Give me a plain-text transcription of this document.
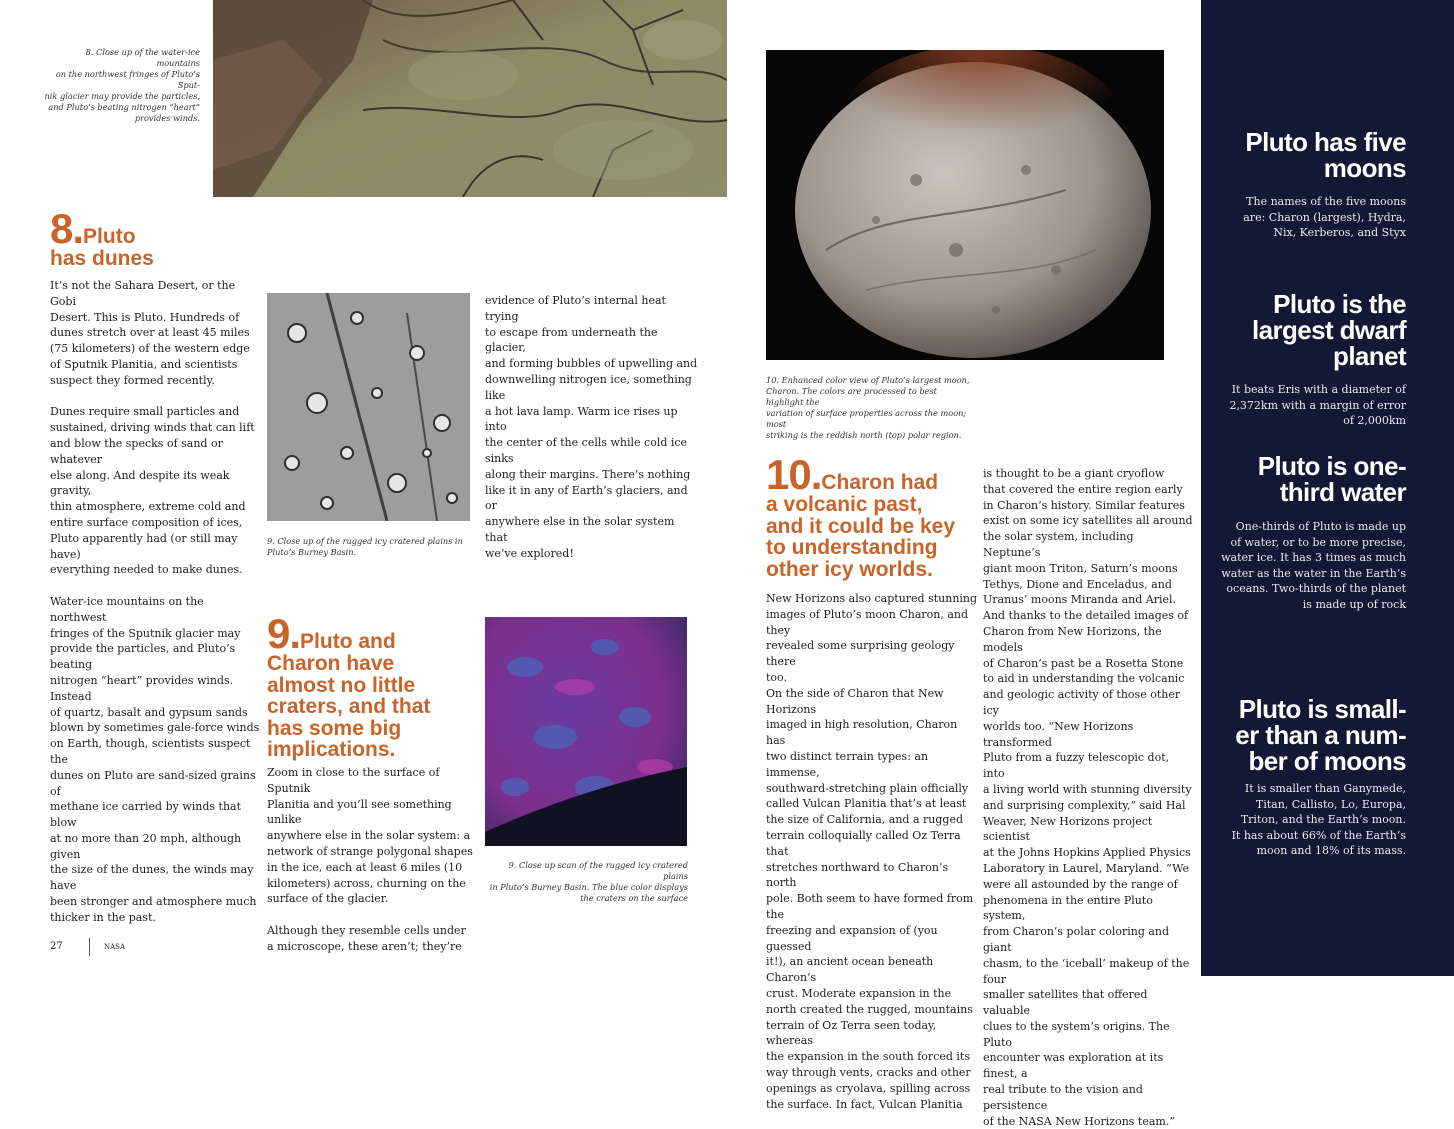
8. Close up of the water-ice mountains
on the northwest fringes of Pluto’s Sput-
nik glacier may provide the particles,
and Pluto’s beating nitrogen “heart”
provides winds.

8.Pluto
has dunes

It’s not the Sahara Desert, or the Gobi
Desert. This is Pluto. Hundreds of
dunes stretch over at least 45 miles
(75 kilometers) of the western edge
of Sputnik Planitia, and scientists
suspect they formed recently.

Dunes require small particles and
sustained, driving winds that can lift
and blow the specks of sand or whatever
else along. And despite its weak gravity,
thin atmosphere, extreme cold and
entire surface composition of ices,
Pluto apparently had (or still may have)
everything needed to make dunes.

Water-ice mountains on the northwest
fringes of the Sputnik glacier may
provide the particles, and Pluto’s beating
nitrogen “heart” provides winds. Instead
of quartz, basalt and gypsum sands
blown by sometimes gale-force winds
on Earth, though, scientists suspect the
dunes on Pluto are sand-sized grains of
methane ice carried by winds that blow
at no more than 20 mph, although given
the size of the dunes, the winds may have
been stronger and atmosphere much
thicker in the past.

9. Close up of the rugged icy cratered plains in
Pluto’s Burney Basin.

evidence of Pluto’s internal heat trying
to escape from underneath the glacier,
and forming bubbles of upwelling and
downwelling nitrogen ice, something like
a hot lava lamp. Warm ice rises up into
the center of the cells while cold ice sinks
along their margins. There’s nothing
like it in any of Earth’s glaciers, and or
anywhere else in the solar system that
we’ve explored!

9.Pluto and
Charon have
almost no little
craters, and that
has some big
implications.

Zoom in close to the surface of Sputnik
Planitia and you’ll see something unlike
anywhere else in the solar system: a
network of strange polygonal shapes
in the ice, each at least 6 miles (10
kilometers) across, churning on the
surface of the glacier.

Although they resemble cells under
a microscope, these aren’t; they’re

9. Close up scan of the rugged icy cratered plains
in Pluto’s Burney Basin. The blue color displays
the craters on the surface

10. Enhanced color view of Pluto’s largest moon,
Charon. The colors are processed to best highlight the
variation of surface properties across the moon; most
striking is the reddish north (top) polar region.

10.Charon had
a volcanic past,
and it could be key
to understanding
other icy worlds.

New Horizons also captured stunning
images of Pluto’s moon Charon, and they
revealed some surprising geology there
too.
On the side of Charon that New Horizons
imaged in high resolution, Charon has
two distinct terrain types: an immense,
southward-stretching plain officially
called Vulcan Planitia that’s at least
the size of California, and a rugged
terrain colloquially called Oz Terra that
stretches northward to Charon’s north
pole. Both seem to have formed from the
freezing and expansion of (you guessed
it!), an ancient ocean beneath Charon’s
crust. Moderate expansion in the
north created the rugged, mountains
terrain of Oz Terra seen today, whereas
the expansion in the south forced its
way through vents, cracks and other
openings as cryolava, spilling across
the surface. In fact, Vulcan Planitia

is thought to be a giant cryoflow
that covered the entire region early
in Charon’s history. Similar features
exist on some icy satellites all around
the solar system, including Neptune’s
giant moon Triton, Saturn’s moons
Tethys, Dione and Enceladus, and
Uranus’ moons Miranda and Ariel.
And thanks to the detailed images of
Charon from New Horizons, the models
of Charon’s past be a Rosetta Stone
to aid in understanding the volcanic
and geologic activity of those other icy
worlds too. “New Horizons transformed
Pluto from a fuzzy telescopic dot, into
a living world with stunning diversity
and surprising complexity,” said Hal
Weaver, New Horizons project scientist
at the Johns Hopkins Applied Physics
Laboratory in Laurel, Maryland. “We
were all astounded by the range of
phenomena in the entire Pluto system,
from Charon’s polar coloring and giant
chasm, to the ‘iceball’ makeup of the four
smaller satellites that offered valuable
clues to the system’s origins. The Pluto
encounter was exploration at its finest, a
real tribute to the vision and persistence
of the NASA New Horizons team.”

27	NASA
Pluto has five
moons

The names of the five moons
are: Charon (largest), Hydra,
Nix, Kerberos, and Styx

Pluto is the
largest dwarf
planet

It beats Eris with a diameter of
2,372km with a margin of error
of 2,000km

Pluto is one-
third water

One-thirds of Pluto is made up
of water, or to be more precise,
water ice. It has 3 times as much
water as the water in the Earth’s
oceans. Two-thirds of the planet
is made up of rock

Pluto is small-
er than a num-
ber of moons

It is smaller than Ganymede,
Titan, Callisto, Lo, Europa,
Triton, and the Earth’s moon.
It has about 66% of the Earth’s
moon and 18% of its mass.
